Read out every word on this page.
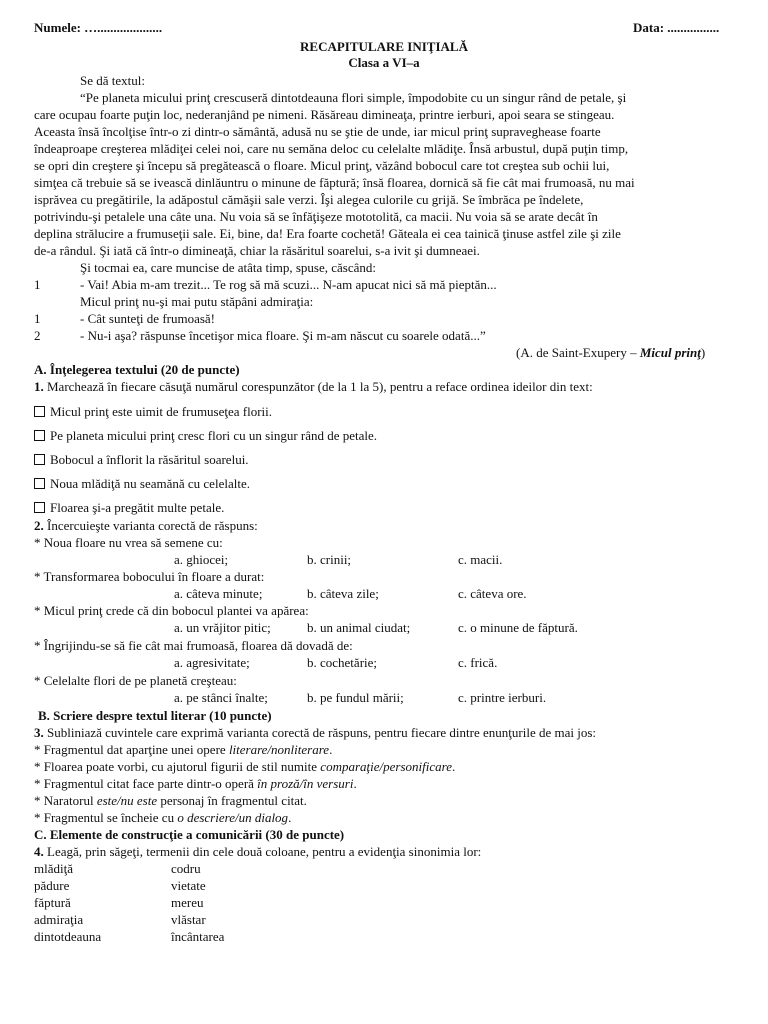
Numele: …....................	Data: ................
RECAPITULARE INIŢIALĂ
Clasa a VI–a
Se dă textul:
“Pe planeta micului prinţ crescuseră dintotdeauna flori simple, împodobite cu un singur rând de petale, şi
care ocupau foarte puţin loc, nederanjând pe nimeni. Răsăreau dimineaţa, printre ierburi, apoi seara se stingeau.
Aceasta însă încolţise într-o zi dintr-o sământă, adusă nu se ştie de unde, iar micul prinţ supraveghease foarte
îndeaproape creşterea mlădiţei celei noi, care nu semăna deloc cu celelalte mlădiţe. Însă arbustul, după puţin timp,
se opri din creştere şi începu să pregătească o floare. Micul prinţ, văzând bobocul care tot creştea sub ochii lui,
simţea că trebuie să se ivească dinlăuntru o minune de făptură; însă floarea, dornică să fie cât mai frumoasă, nu mai
isprăvea cu pregătirile, la adăpostul cămăşii sale verzi. Îşi alegea culorile cu grijă. Se îmbrăca pe îndelete,
potrivindu-şi petalele una câte una. Nu voia să se înfăţişeze mototolită, ca macii. Nu voia să se arate decât în
deplina strălucire a frumuseţii sale. Ei, bine, da! Era foarte cochetă! Găteala ei cea tainică ţinuse astfel zile şi zile
de-a rândul. Şi iată că într-o dimineaţă, chiar la răsăritul soarelui, s-a ivit şi dumneaei.
Şi tocmai ea, care muncise de atâta timp, spuse, căscând:
1	- Vai! Abia m-am trezit... Te rog să mă scuzi... N-am apucat nici să mă pieptăn...
Micul prinţ nu-şi mai putu stăpâni admiraţia:
1	- Cât sunteţi de frumoasă!
2	- Nu-i aşa? răspunse încetişor mica floare. Şi m-am născut cu soarele odată...”
(A. de Saint-Exupery – Micul prinţ)
A. Înţelegerea textului (20 de puncte)
1. Marchează în fiecare căsuţă numărul corespunzător (de la 1 la 5), pentru a reface ordinea ideilor din text:
Micul prinţ este uimit de frumuseţea florii.
Pe planeta micului prinţ cresc flori cu un singur rând de petale.
Bobocul a înflorit la răsăritul soarelui.
Noua mlădiţă nu seamănă cu celelalte.
Floarea şi-a pregătit multe petale.
2. Încercuieşte varianta corectă de răspuns:
* Noua floare nu vrea să semene cu:
a. ghiocei;	b. crinii;	c. macii.
* Transformarea bobocului în floare a durat:
a. câteva minute;	b. câteva zile;	c. câteva ore.
* Micul prinţ crede că din bobocul plantei va apărea:
a. un vrăjitor pitic;	b. un animal ciudat;	c. o minune de făptură.
* Îngrijindu-se să fie cât mai frumoasă, floarea dă dovadă de:
a. agresivitate;	b. cochetărie;	c. frică.
* Celelalte flori de pe planetă creşteau:
a. pe stânci înalte;	b. pe fundul mării;	c. printre ierburi.
B. Scriere despre textul literar (10 puncte)
3. Subliniază cuvintele care exprimă varianta corectă de răspuns, pentru fiecare dintre enunţurile de mai jos:
* Fragmentul dat aparţine unei opere literare/nonliterare.
* Floarea poate vorbi, cu ajutorul figurii de stil numite comparaţie/personificare.
* Fragmentul citat face parte dintr-o operă în proză/în versuri.
* Naratorul este/nu este personaj în fragmentul citat.
* Fragmentul se încheie cu o descriere/un dialog.
C. Elemente de construcţie a comunicării (30 de puncte)
4. Leagă, prin săgeţi, termenii din cele două coloane, pentru a evidenţia sinonimia lor:
mlădiţă	codru
pădure	vietate
făptură	mereu
admiraţia	vlăstar
dintotdeauna	încântarea
